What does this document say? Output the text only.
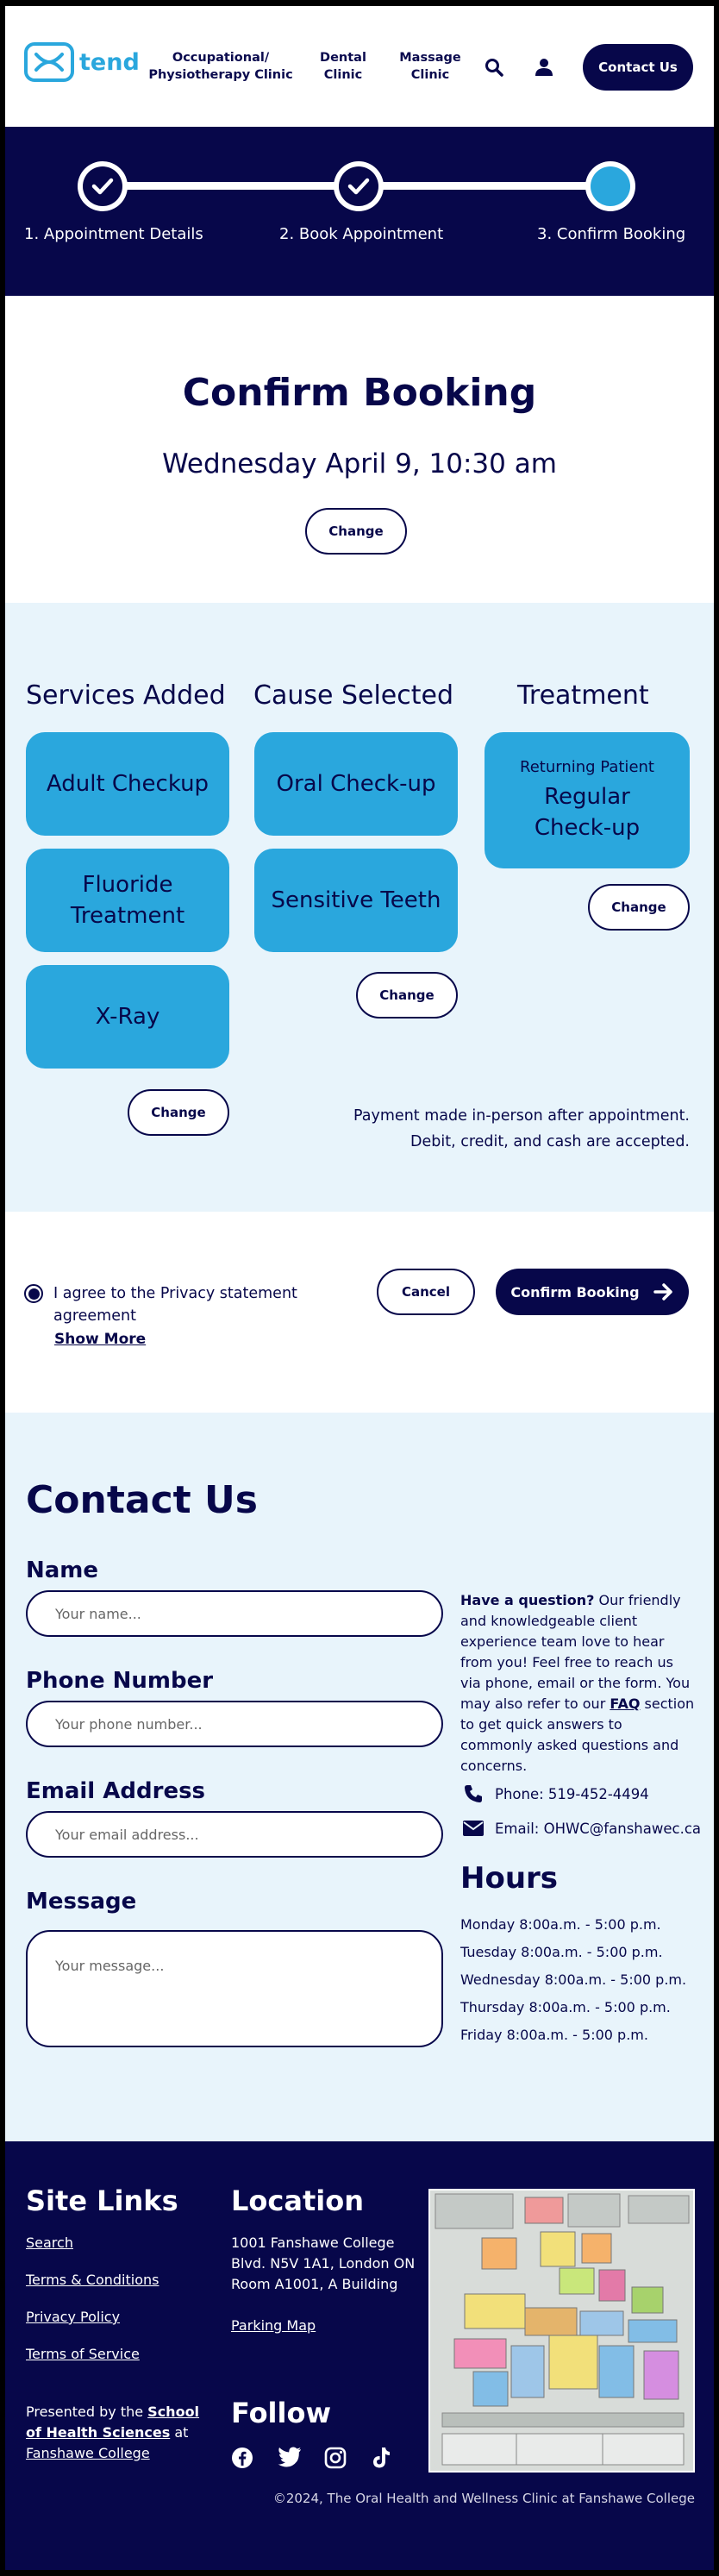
tend	Occupational/
Physiotherapy Clinic
Dental
Clinic
Massage
Clinic	Contact Us
1. Appointment Details	2. Book Appointment	3. Confirm Booking
Confirm Booking
Wednesday April 9, 10:30 am
Change
Services Added Cause Selected Treatment
Adult Checkup
Fluoride Treatment
X-Ray
Change
Oral Check-up
Sensitive Teeth
Change
Returning Patient
Regular Check-up
Change
Payment made in-person after appointment.
Debit, credit, and cash are accepted.
I agree to the Privacy statement agreement
Show More
Cancel	Confirm Booking
Contact Us
Name
Your name...
Phone Number
Your phone number...
Email Address
Your email address...
Message
Your message...
Have a question? Our friendly and knowledgeable client experience team love to hear from you! Feel free to reach us via phone, email or the form. You may also refer to our FAQ section to get quick answers to commonly asked questions and concerns.
Phone: 519-452-4494
Email: OHWC@fanshawec.ca
Hours
Monday 8:00a.m. - 5:00 p.m.
Tuesday 8:00a.m. - 5:00 p.m.
Wednesday 8:00a.m. - 5:00 p.m.
Thursday 8:00a.m. - 5:00 p.m.
Friday 8:00a.m. - 5:00 p.m.
Site Links
Search
Terms & Conditions
Privacy Policy
Terms of Service
Presented by the School of Health Sciences at Fanshawe College
Location
1001 Fanshawe College
Blvd. N5V 1A1, London ON
Room A1001, A Building
Parking Map
Follow
©2024, The Oral Health and Wellness Clinic at Fanshawe College
